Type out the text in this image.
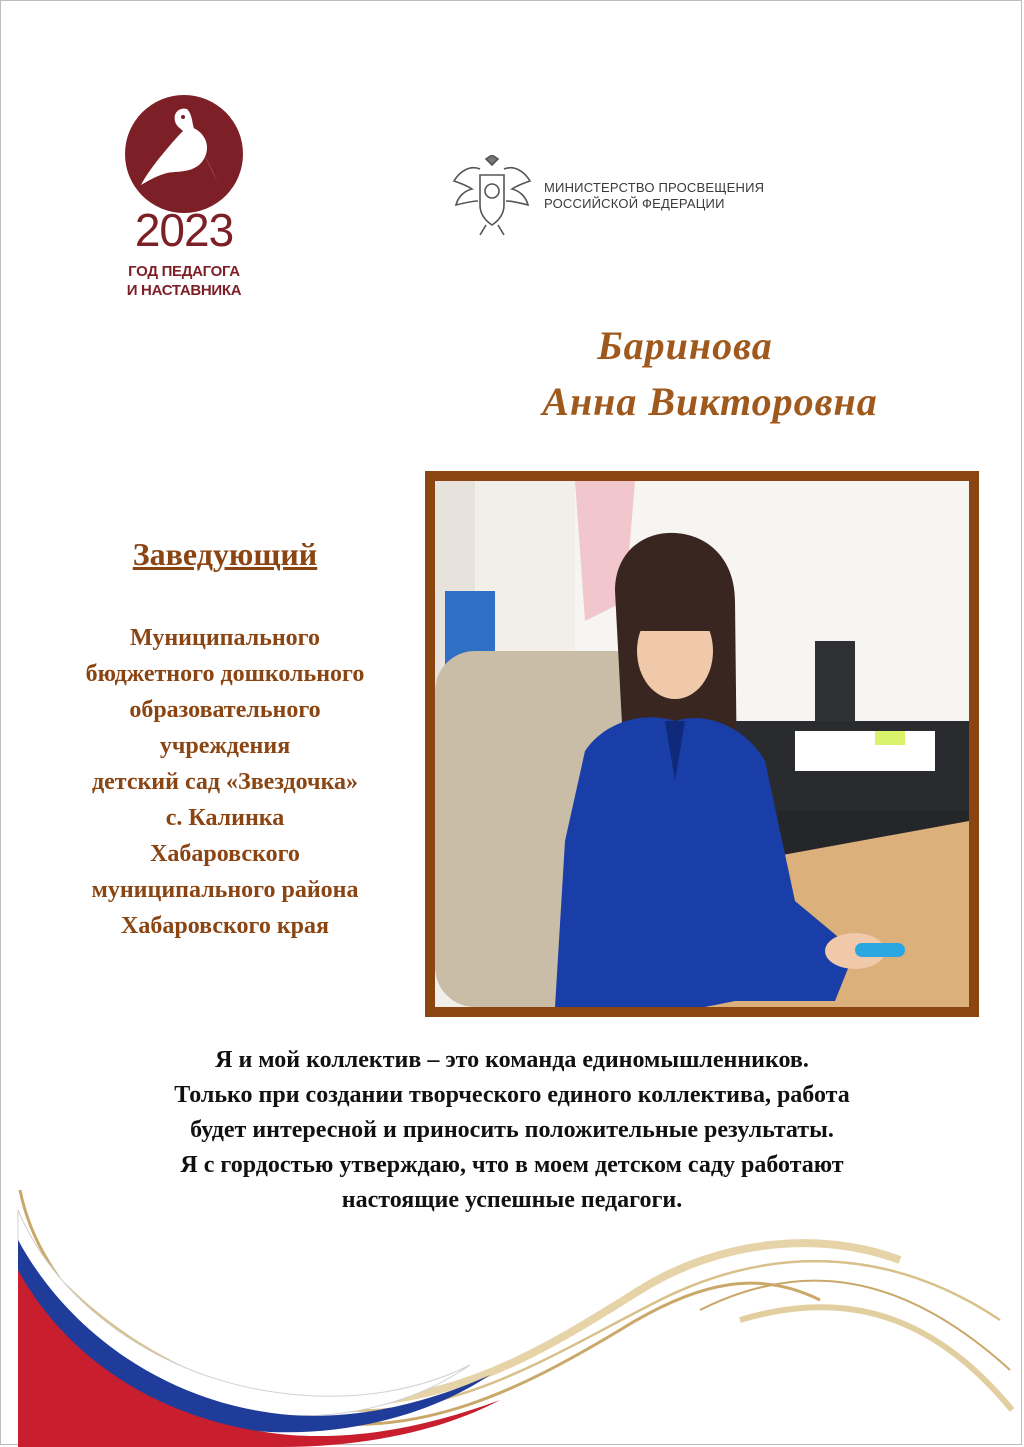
2023
ГОД ПЕДАГОГА
И НАСТАВНИКА
МИНИСТЕРСТВО ПРОСВЕЩЕНИЯ
РОССИЙСКОЙ ФЕДЕРАЦИИ
Баринова
Анна Викторовна
Заведующий
Муниципального
бюджетного дошкольного
образовательного
учреждения
детский сад «Звездочка»
с. Калинка
Хабаровского
муниципального района
Хабаровского края
Я и мой коллектив – это команда единомышленников.
Только при создании творческого единого коллектива, работа
будет интересной и приносить положительные результаты.
Я с гордостью утверждаю, что в моем детском саду работают
настоящие успешные педагоги.
